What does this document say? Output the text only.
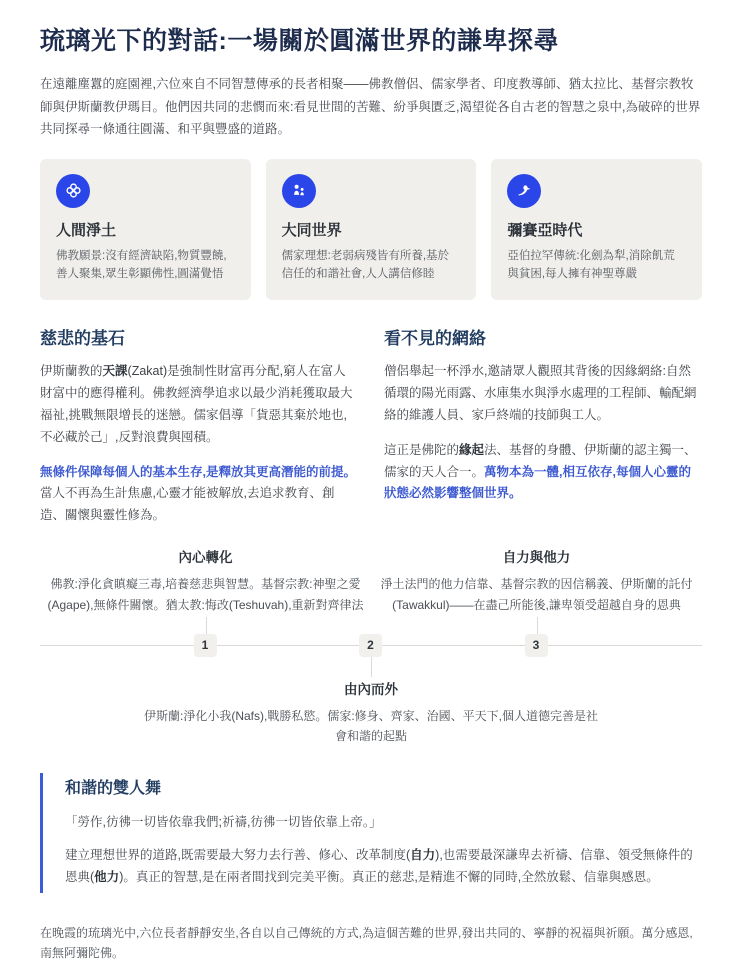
琉璃光下的對話:一場關於圓滿世界的謙卑探尋

在遠離塵囂的庭園裡,六位來自不同智慧傳承的長者相聚——佛教僧侶、儒家學者、印度教導師、猶太拉比、基督宗教牧師與伊斯蘭教伊瑪目。他們因共同的悲憫而來:看見世間的苦難、紛爭與匱乏,渴望從各自古老的智慧之泉中,為破碎的世界共同探尋一條通往圓滿、和平與豐盛的道路。

人間淨土
佛教願景:沒有經濟缺陷,物質豐饒,善人聚集,眾生彰顯佛性,圓滿覺悟
大同世界
儒家理想:老弱病殘皆有所養,基於信任的和諧社會,人人講信修睦
彌賽亞時代
亞伯拉罕傳統:化劍為犁,消除飢荒與貧困,每人擁有神聖尊嚴
慈悲的基石

伊斯蘭教的天課(Zakat)是強制性財富再分配,窮人在富人財富中的應得權利。佛教經濟學追求以最少消耗獲取最大福祉,挑戰無限增長的迷戀。儒家倡導「貨惡其棄於地也,不必藏於己」,反對浪費與囤積。

無條件保障每個人的基本生存,是釋放其更高潛能的前提。當人不再為生計焦慮,心靈才能被解放,去追求教育、創造、關懷與靈性修為。

看不見的網絡

僧侶舉起一杯淨水,邀請眾人觀照其背後的因緣網絡:自然循環的陽光雨露、水庫集水與淨水處理的工程師、輸配網絡的維護人員、家戶終端的技師與工人。

這正是佛陀的緣起法、基督的身體、伊斯蘭的認主獨一、儒家的天人合一。萬物本為一體,相互依存,每個人心靈的狀態必然影響整個世界。

內心轉化
佛教:淨化貪瞋癡三毒,培養慈悲與智慧。基督宗教:神聖之愛(Agape),無條件關懷。猶太教:悔改(Teshuvah),重新對齊律法
自力與他力
淨土法門的他力信靠、基督宗教的因信稱義、伊斯蘭的託付(Tawakkul)——在盡己所能後,謙卑領受超越自身的恩典
1	2	3
由內而外
伊斯蘭:淨化小我(Nafs),戰勝私慾。儒家:修身、齊家、治國、平天下,個人道德完善是社會和諧的起點
和諧的雙人舞
「勞作,彷彿一切皆依靠我們;祈禱,彷彿一切皆依靠上帝。」
建立理想世界的道路,既需要最大努力去行善、修心、改革制度(自力),也需要最深謙卑去祈禱、信靠、領受無條件的恩典(他力)。真正的智慧,是在兩者間找到完美平衡。真正的慈悲,是精進不懈的同時,全然放鬆、信靠與感恩。

在晚霞的琉璃光中,六位長者靜靜安坐,各自以自己傳統的方式,為這個苦難的世界,發出共同的、寧靜的祝福與祈願。萬分感恩,南無阿彌陀佛。
